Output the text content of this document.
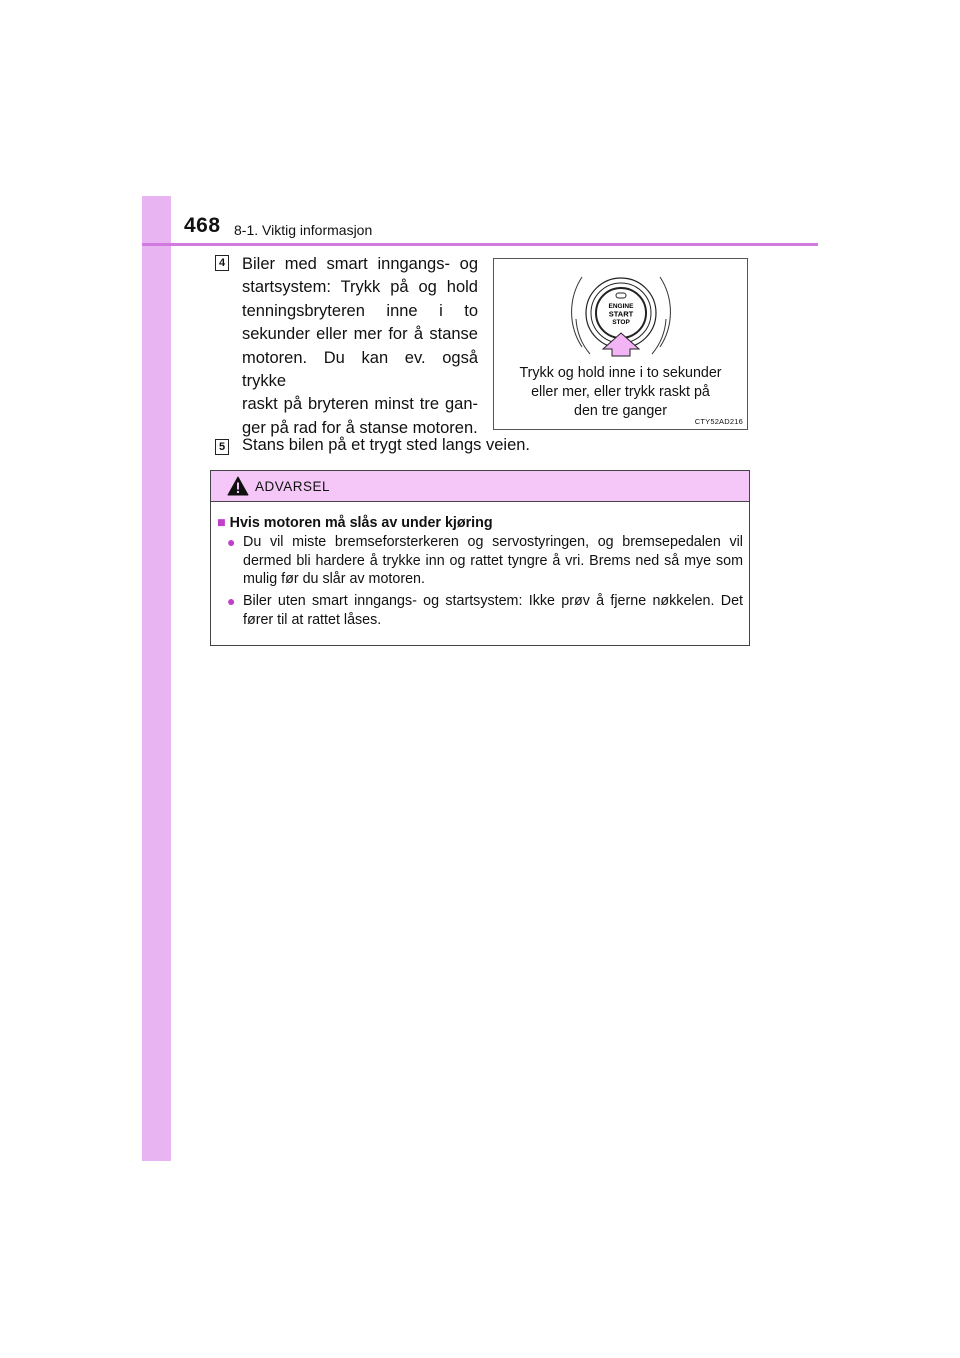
468 8-1. Viktig informasjon
4 Biler med smart inngangs- og
startsystem: Trykk på og hold
tenningsbryteren inne i to
sekunder eller mer for å stanse
motoren. Du kan ev. også trykke
raskt på bryteren minst tre gan-
ger på rad for å stanse motoren.
ENGINE
START
STOP
Trykk og hold inne i to sekunder
eller mer, eller trykk raskt på
den tre ganger
CTY52AD216
5 Stans bilen på et trygt sted langs veien.
ADVARSEL
■ Hvis motoren må slås av under kjøring
● Du vil miste bremseforsterkeren og servostyringen, og bremsepedalen vil dermed bli hardere å trykke inn og rattet tyngre å vri. Brems ned så mye som mulig før du slår av motoren.
● Biler uten smart inngangs- og startsystem: Ikke prøv å fjerne nøkkelen. Det fører til at rattet låses.
